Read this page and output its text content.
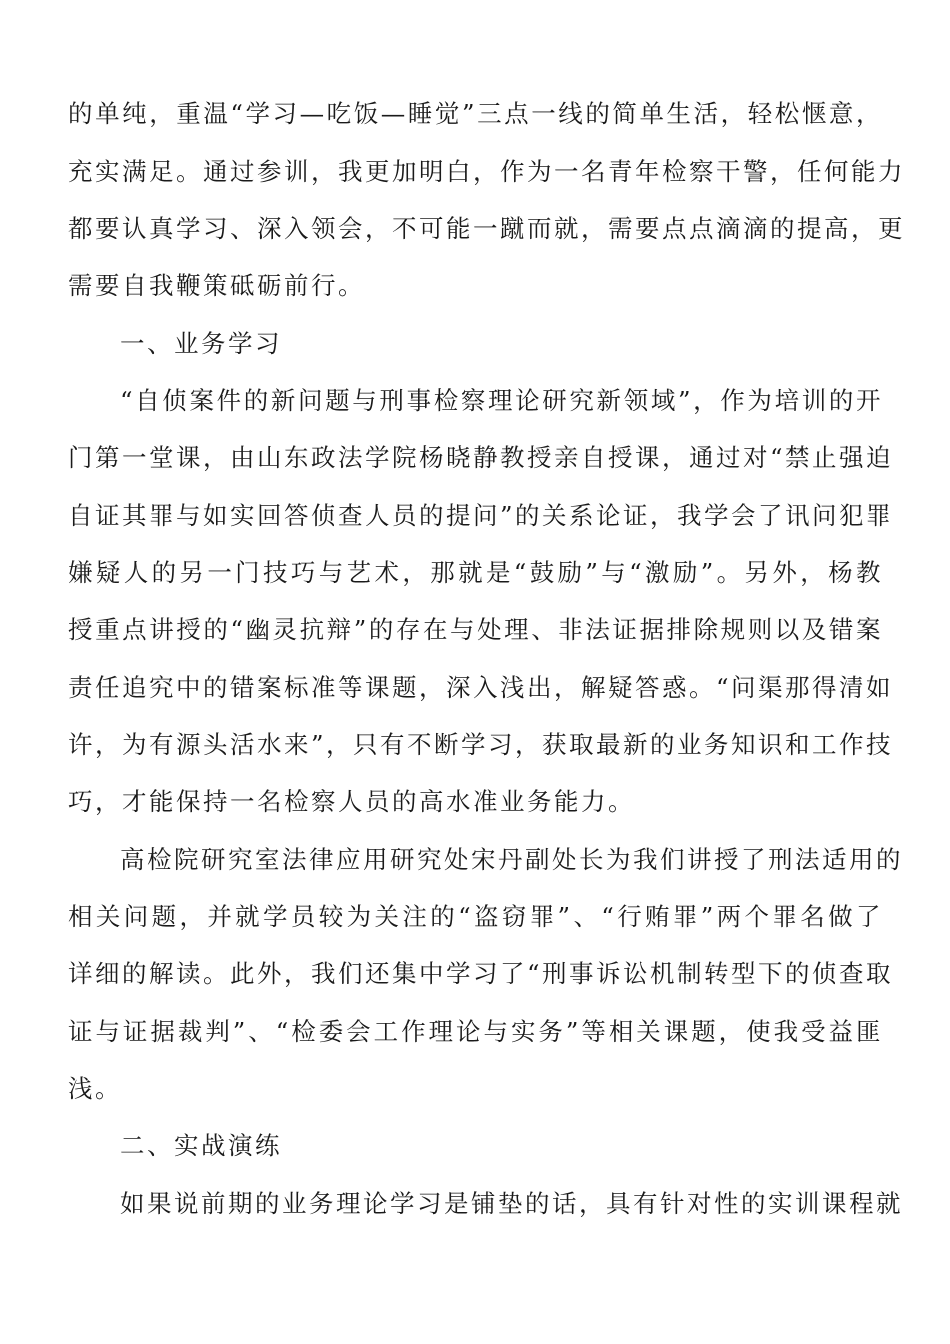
的单纯，重温“学习—吃饭—睡觉”三点一线的简单生活，轻松惬意，
充实满足。通过参训，我更加明白，作为一名青年检察干警，任何能力
都要认真学习、深入领会，不可能一蹴而就，需要点点滴滴的提高，更
需要自我鞭策砥砺前行。
一、业务学习
“自侦案件的新问题与刑事检察理论研究新领域”，作为培训的开
门第一堂课，由山东政法学院杨晓静教授亲自授课，通过对“禁止强迫
自证其罪与如实回答侦查人员的提问”的关系论证，我学会了讯问犯罪
嫌疑人的另一门技巧与艺术，那就是“鼓励”与“激励”。另外，杨教
授重点讲授的“幽灵抗辩”的存在与处理、非法证据排除规则以及错案
责任追究中的错案标准等课题，深入浅出，解疑答惑。“问渠那得清如
许，为有源头活水来”，只有不断学习，获取最新的业务知识和工作技
巧，才能保持一名检察人员的高水准业务能力。
高检院研究室法律应用研究处宋丹副处长为我们讲授了刑法适用的
相关问题，并就学员较为关注的“盗窃罪”、“行贿罪”两个罪名做了
详细的解读。此外，我们还集中学习了“刑事诉讼机制转型下的侦查取
证与证据裁判”、“检委会工作理论与实务”等相关课题，使我受益匪
浅。
二、实战演练
如果说前期的业务理论学习是铺垫的话，具有针对性的实训课程就
